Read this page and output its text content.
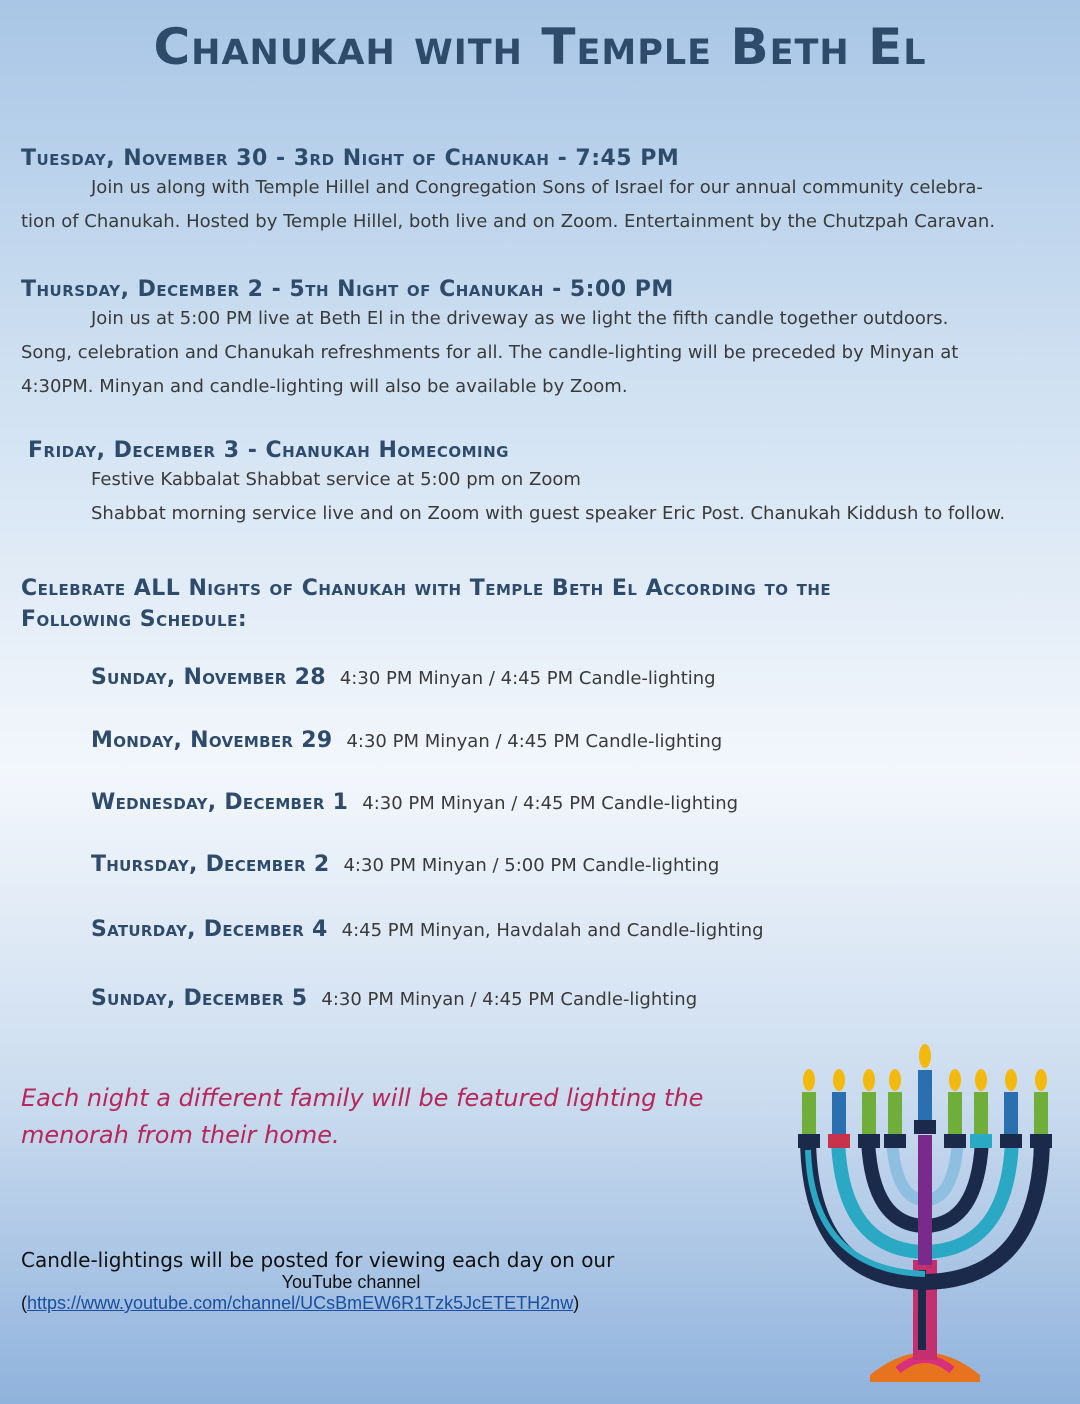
Chanukah with Temple Beth El
Tuesday, November 30 - 3rd Night of Chanukah - 7:45 PM
Join us along with Temple Hillel and Congregation Sons of Israel for our annual community celebra-
tion of Chanukah. Hosted by Temple Hillel, both live and on Zoom. Entertainment by the Chutzpah Caravan.
Thursday, December 2 - 5th Night of Chanukah - 5:00 PM
Join us at 5:00 PM live at Beth El in the driveway as we light the fifth candle together outdoors.
Song, celebration and Chanukah refreshments for all. The candle-lighting will be preceded by Minyan at
4:30PM. Minyan and candle-lighting will also be available by Zoom.
Friday, December 3 - Chanukah Homecoming
Festive Kabbalat Shabbat service at 5:00 pm on Zoom
Shabbat morning service live and on Zoom with guest speaker Eric Post. Chanukah Kiddush to follow.
Celebrate ALL Nights of Chanukah with Temple Beth El According to the
Following Schedule:
Sunday, November 28 4:30 PM Minyan / 4:45 PM Candle-lighting
Monday, November 29 4:30 PM Minyan / 4:45 PM Candle-lighting
Wednesday, December 1 4:30 PM Minyan / 4:45 PM Candle-lighting
Thursday, December 2 4:30 PM Minyan / 5:00 PM Candle-lighting
Saturday, December 4 4:45 PM Minyan, Havdalah and Candle-lighting
Sunday, December 5 4:30 PM Minyan / 4:45 PM Candle-lighting
Each night a different family will be featured lighting the
menorah from their home.
Candle-lightings will be posted for viewing each day on our
YouTube channel
(https://www.youtube.com/channel/UCsBmEW6R1Tzk5JcETETH2nw)
